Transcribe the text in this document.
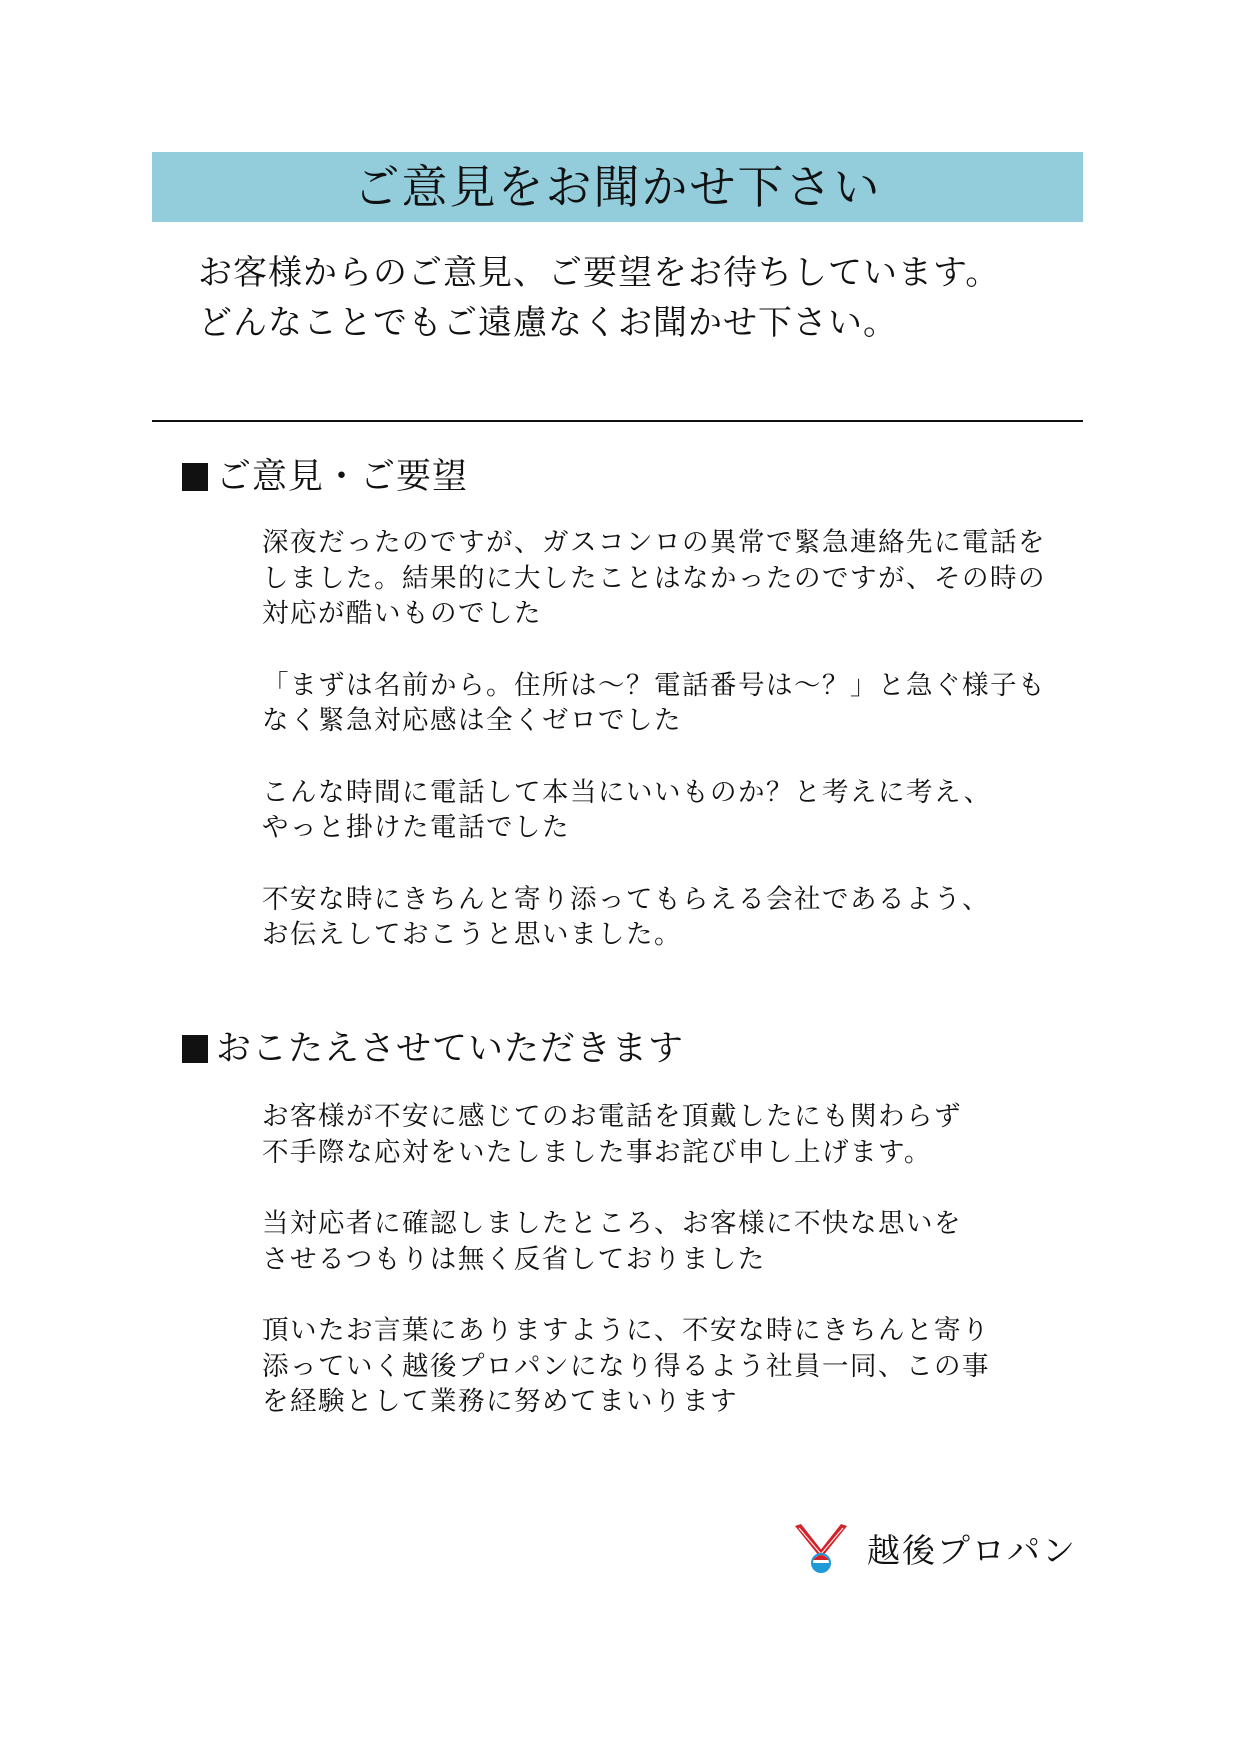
ご意見をお聞かせ下さい
お客様からのご意見、ご要望をお待ちしています。
どんなことでもご遠慮なくお聞かせ下さい。
ご意見・ご要望
深夜だったのですが、ガスコンロの異常で緊急連絡先に電話を
しました。結果的に大したことはなかったのですが、その時の
対応が酷いものでした
「まずは名前から。住所は～？電話番号は～？」と急ぐ様子も
なく緊急対応感は全くゼロでした
こんな時間に電話して本当にいいものか？と考えに考え、
やっと掛けた電話でした
不安な時にきちんと寄り添ってもらえる会社であるよう、
お伝えしておこうと思いました。
おこたえさせていただきます
お客様が不安に感じてのお電話を頂戴したにも関わらず
不手際な応対をいたしました事お詫び申し上げます。
当対応者に確認しましたところ、お客様に不快な思いを
させるつもりは無く反省しておりました
頂いたお言葉にありますように、不安な時にきちんと寄り
添っていく越後プロパンになり得るよう社員一同、この事
を経験として業務に努めてまいります
越後プロパン
